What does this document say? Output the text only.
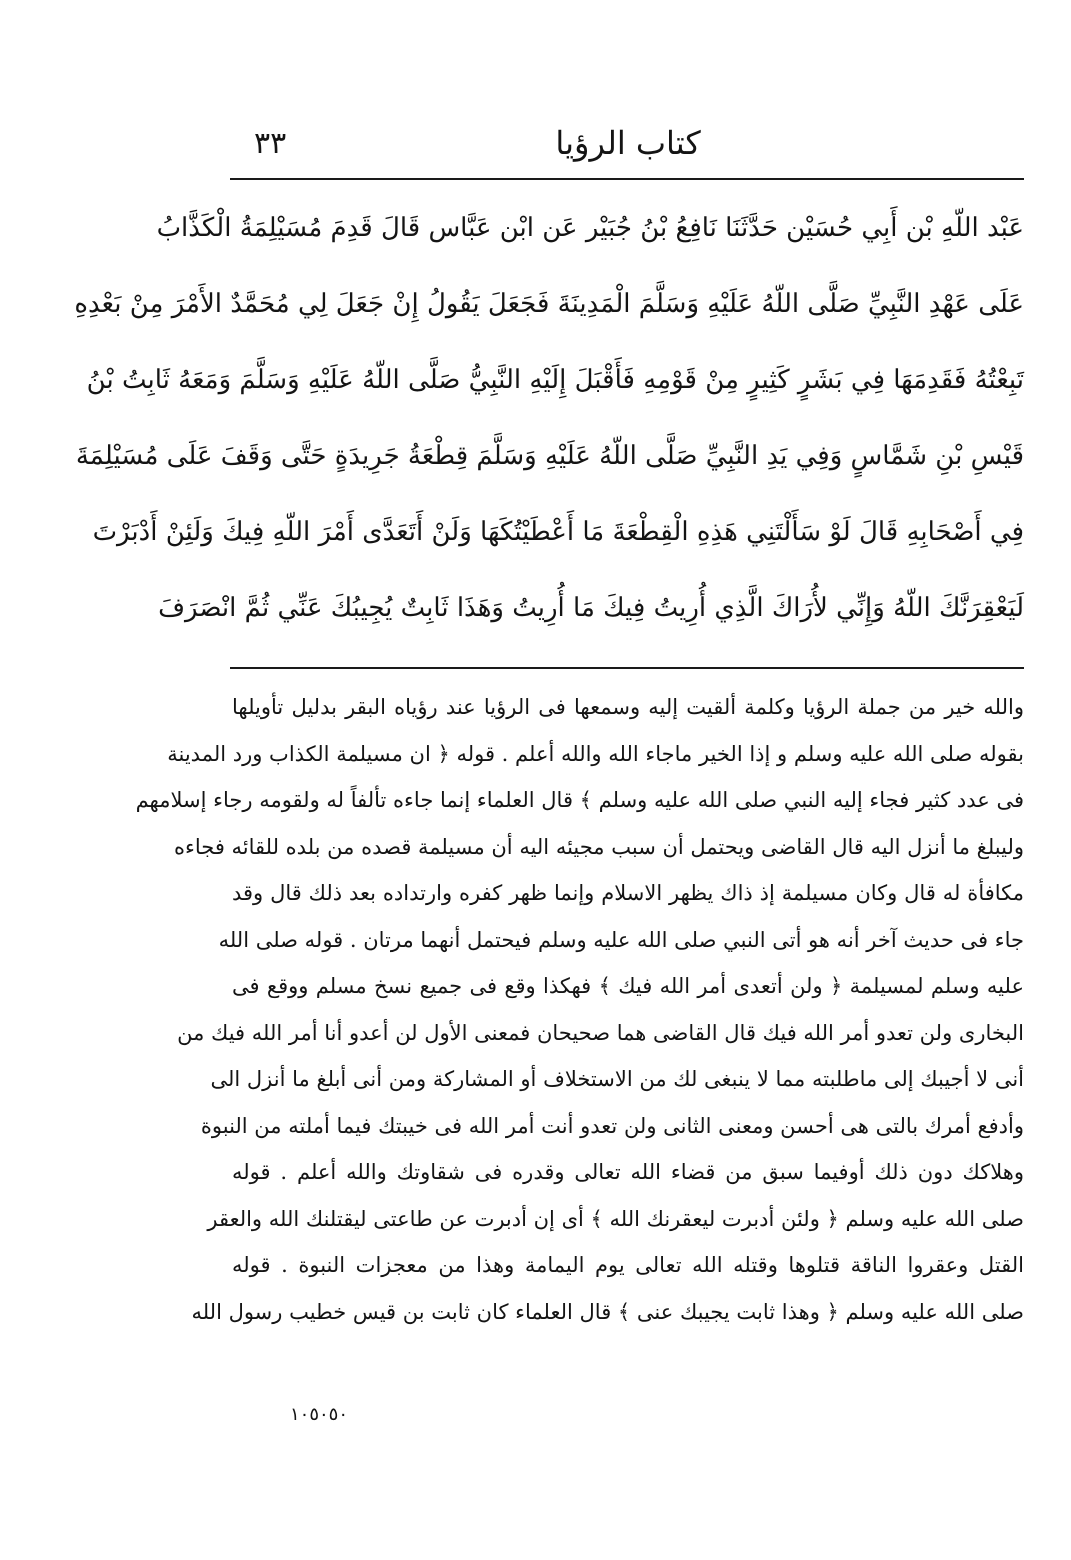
٣٣	كتاب الرؤيا
عَبْد اللّهِ بْن أَبِي حُسَيْن حَدَّثَنَا نَافِعُ بْنُ جُبَيْر عَن ابْن عَبَّاس قَالَ قَدِمَ مُسَيْلِمَةُ الْكَذَّابُ
عَلَى عَهْدِ النَّبِيِّ صَلَّى اللّهُ عَلَيْهِ وَسَلَّمَ الْمَدِينَةَ فَجَعَلَ يَقُولُ إِنْ جَعَلَ لِي مُحَمَّدٌ الأَمْرَ مِنْ بَعْدِهِ
تَبِعْتُهُ فَقَدِمَهَا فِي بَشَرٍ كَثِيرٍ مِنْ قَوْمِهِ فَأَقْبَلَ إِلَيْهِ النَّبِيُّ صَلَّى اللّهُ عَلَيْهِ وَسَلَّمَ وَمَعَهُ ثَابِتُ بْنُ
قَيْسِ بْنِ شَمَّاسٍ وَفِي يَدِ النَّبِيِّ صَلَّى اللّهُ عَلَيْهِ وَسَلَّمَ قِطْعَةُ جَرِيدَةٍ حَتَّى وَقَفَ عَلَى مُسَيْلِمَةَ
فِي أَصْحَابِهِ قَالَ لَوْ سَأَلْتَنِي هَذِهِ الْقِطْعَةَ مَا أَعْطَيْتُكَهَا وَلَنْ أَتَعَدَّى أَمْرَ اللّهِ فِيكَ وَلَئِنْ أَدْبَرْتَ
لَيَعْقِرَنَّكَ اللّهُ وَإِنِّي لأُرَاكَ الَّذِي أُرِيتُ فِيكَ مَا أُرِيتُ وَهَذَا ثَابِتٌ يُجِيبُكَ عَنِّي ثُمَّ انْصَرَفَ
والله خير من جملة الرؤيا وكلمة ألقيت إليه وسمعها فى الرؤيا عند رؤياه البقر بدليل تأويلها
بقوله صلى الله عليه وسلم و إذا الخير ماجاء الله والله أعلم . قوله ﴿ ان مسيلمة الكذاب ورد المدينة
فى عدد كثير فجاء إليه النبي صلى الله عليه وسلم ﴾ قال العلماء إنما جاءه تألفاً له ولقومه رجاء إسلامهم
وليبلغ ما أنزل اليه قال القاضى ويحتمل أن سبب مجيئه اليه أن مسيلمة قصده من بلده للقائه فجاءه
مكافأة له قال وكان مسيلمة إذ ذاك يظهر الاسلام وإنما ظهر كفره وارتداده بعد ذلك قال وقد
جاء فى حديث آخر أنه هو أتى النبي صلى الله عليه وسلم فيحتمل أنهما مرتان . قوله صلى الله
عليه وسلم لمسيلمة ﴿ ولن أتعدى أمر الله فيك ﴾ فهكذا وقع فى جميع نسخ مسلم ووقع فى
البخارى ولن تعدو أمر الله فيك قال القاضى هما صحيحان فمعنى الأول لن أعدو أنا أمر الله فيك من
أنى لا أجيبك إلى ماطلبته مما لا ينبغى لك من الاستخلاف أو المشاركة ومن أنى أبلغ ما أنزل الى
وأدفع أمرك بالتى هى أحسن ومعنى الثانى ولن تعدو أنت أمر الله فى خيبتك فيما أملته من النبوة
وهلاكك دون ذلك أوفيما سبق من قضاء الله تعالى وقدره فى شقاوتك والله أعلم . قوله
صلى الله عليه وسلم ﴿ ولئن أدبرت ليعقرنك الله ﴾ أى إن أدبرت عن طاعتى ليقتلنك الله والعقر
القتل وعقروا الناقة قتلوها وقتله الله تعالى يوم اليمامة وهذا من معجزات النبوة . قوله
صلى الله عليه وسلم ﴿ وهذا ثابت يجيبك عنى ﴾ قال العلماء كان ثابت بن قيس خطيب رسول الله
١٠٥٠٥٠
